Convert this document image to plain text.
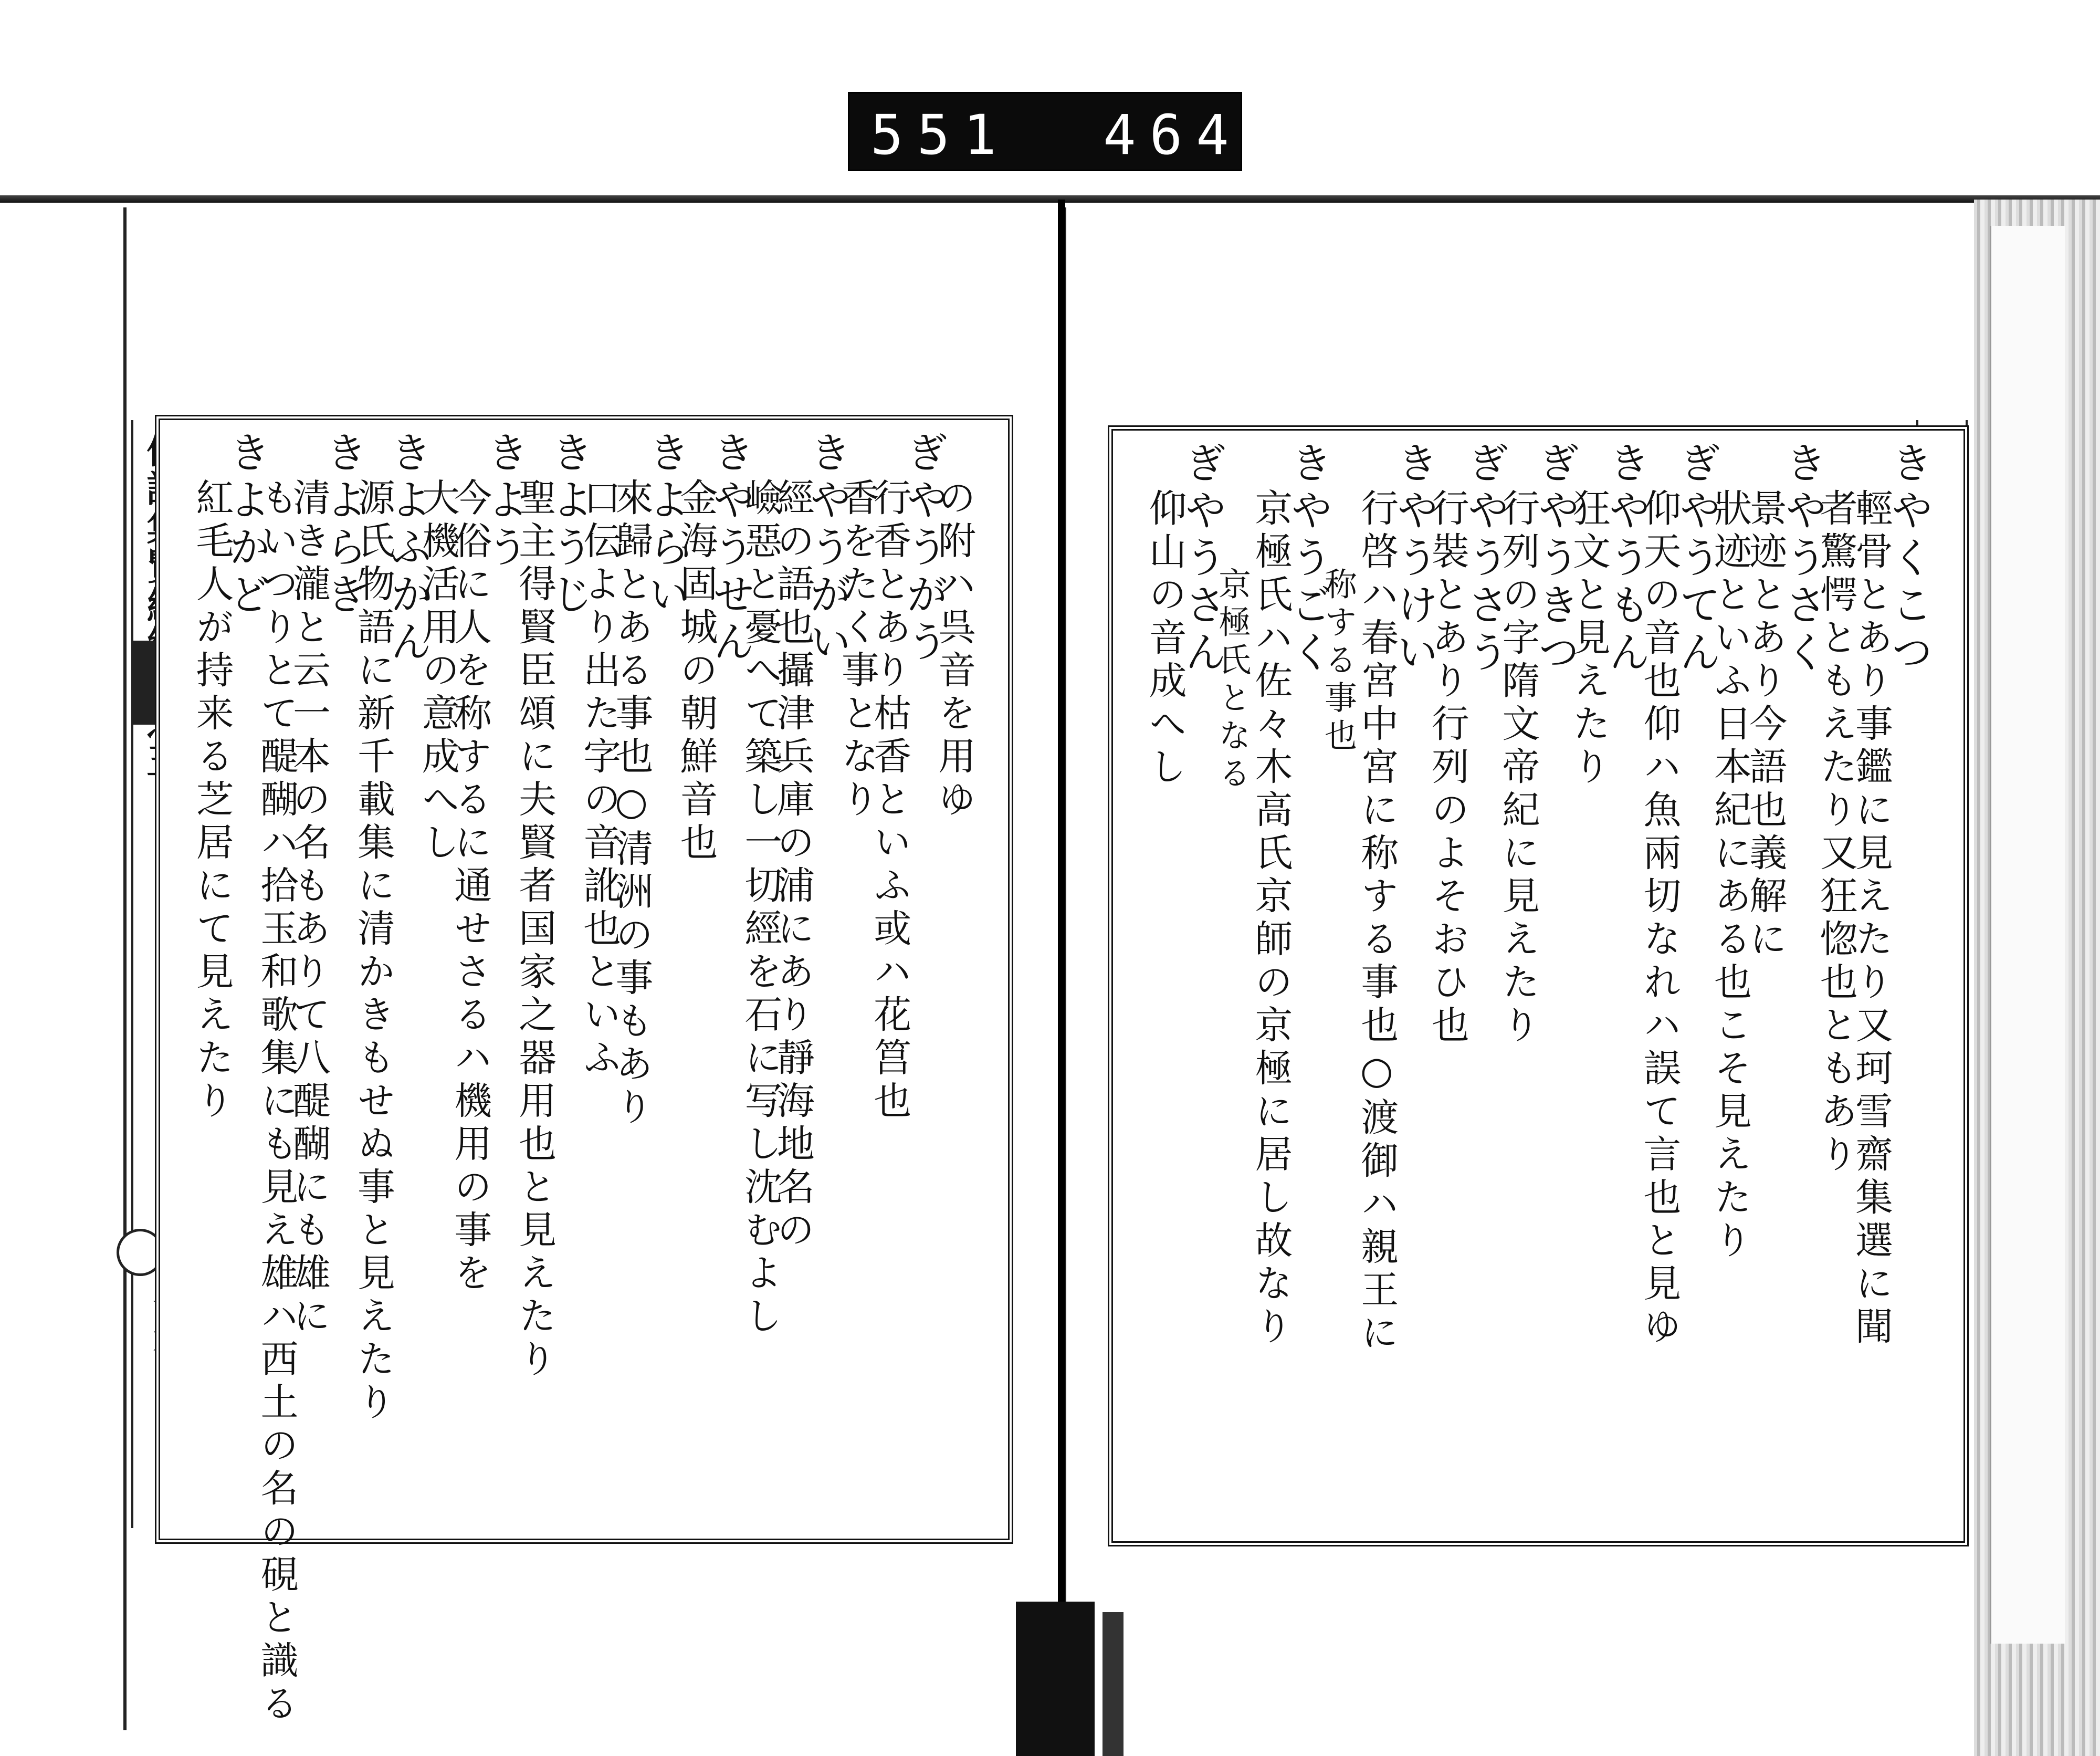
551  464.
の附ハ呉音を用ゆ
ぎやうがう
行香とあり枯香といふ或ハ花筥也
香をたく事となり
きやうがい
經の語也攝津兵庫の浦にあり靜海地名の
嶮惡と憂へて築し一切經を石に写し沈むよし
きやうせん
金海固城の朝鮮音也
きよらい
來歸とある事也○清洲の事もあり
口伝より出た字の音訛也といふ
きようじ
聖主得賢臣頌に夫賢者国家之器用也と見えたり
きよう
今俗に人を称するに通せさるハ機用の事を
大機活用の意成へし
きよふかん
源氏物語に新千載集に清かきもせぬ事と見えたり
きよらき
清き瀧と云一本の名もありて八醍醐にも雄に
もいつりとて醍醐ハ拾玉和歌集にも見え雄ハ西土の名の硯と識る
きよかど
紅毛人が持来る芝居にて見えたり	きやくこつ
輕骨とあり事鑑に見えたり又珂雪齋集選に聞
者驚愕ともえたり又狂惚也ともあり
きやうさく
景迹とあり今語也義解に
狀迹といふ日本紀にある也こそ見えたり
ぎやうてん
仰天の音也仰ハ魚兩切なれハ誤て言也と見ゆ
きやうもん
狂文と見えたり
ぎやうきつ
行列の字隋文帝紀に見えたり
ぎやうさう
行裝とあり行列のよそおひ也
きやうけい
行啓ハ春宮中宮に称する事也○渡御ハ親王に
称する事也
きやうごく
京極氏ハ佐々木高氏京師の京極に居し故なり
京極氏となる
ぎやうさん
仰山の音成へし
